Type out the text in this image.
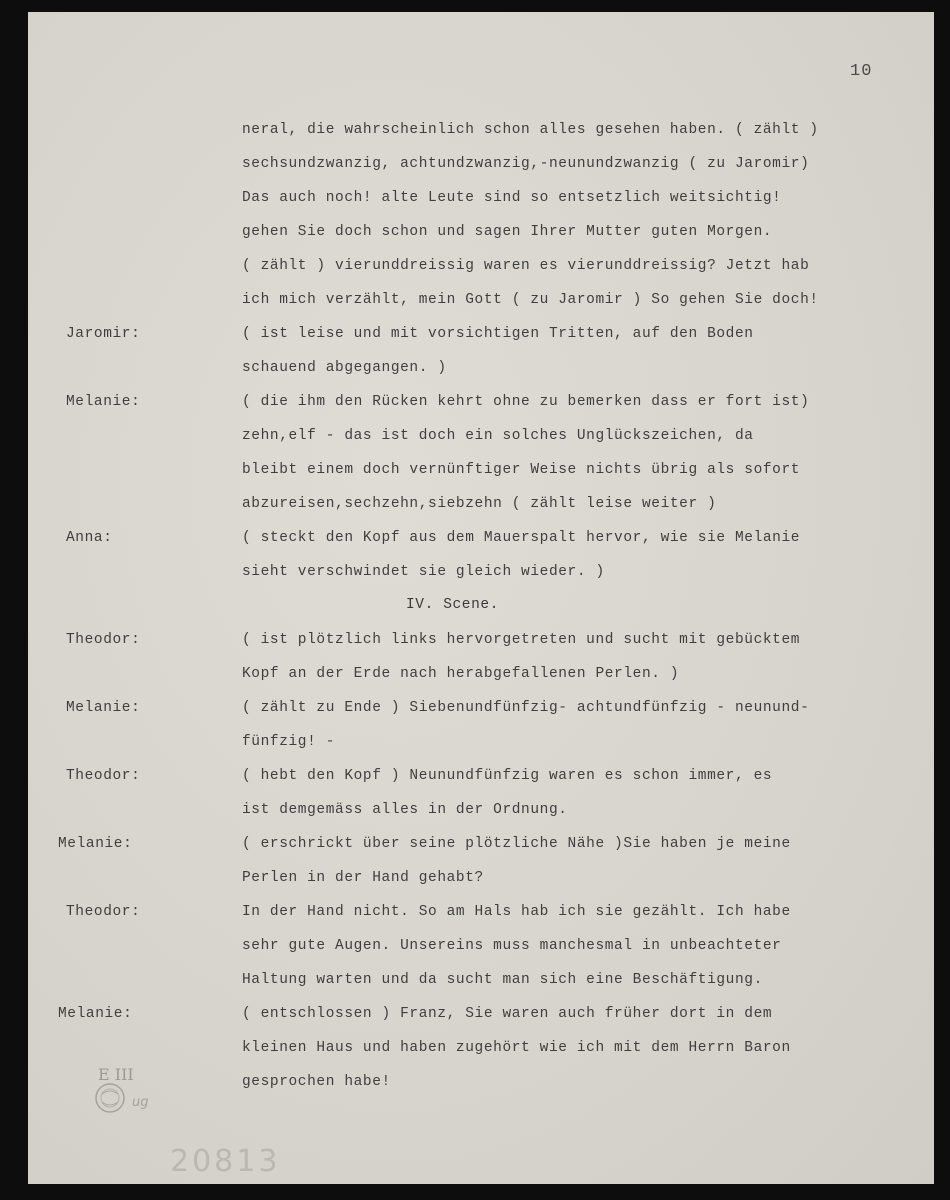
10
neral, die wahrscheinlich schon alles gesehen haben. ( zählt )
sechsundzwanzig, achtundzwanzig,-neunundzwanzig ( zu Jaromir)
Das auch noch! alte Leute sind so entsetzlich weitsichtig!
gehen Sie doch schon und sagen Ihrer Mutter guten Morgen.
( zählt ) vierunddreissig waren es vierunddreissig? Jetzt hab
ich mich verzählt, mein Gott ( zu Jaromir ) So gehen Sie doch!
Jaromir:	( ist leise und mit vorsichtigen Tritten, auf den Boden
schauend abgegangen. )
Melanie:	( die ihm den Rücken kehrt ohne zu bemerken dass er fort ist)
zehn,elf - das ist doch ein solches Unglückszeichen, da
bleibt einem doch vernünftiger Weise nichts übrig als sofort
abzureisen,sechzehn,siebzehn ( zählt leise weiter )
Anna:	( steckt den Kopf aus dem Mauerspalt hervor, wie sie Melanie
sieht verschwindet sie gleich wieder. )
IV. Scene.
Theodor:	( ist plötzlich links hervorgetreten und sucht mit gebücktem
Kopf an der Erde nach herabgefallenen Perlen. )
Melanie:	( zählt zu Ende ) Siebenundfünfzig- achtundfünfzig - neunund-
fünfzig! -
Theodor:	( hebt den Kopf ) Neunundfünfzig waren es schon immer, es
ist demgemäss alles in der Ordnung.
Melanie:	( erschrickt über seine plötzliche Nähe )Sie haben je meine
Perlen in der Hand gehabt?
Theodor:	In der Hand nicht. So am Hals hab ich sie gezählt. Ich habe
sehr gute Augen. Unsereins muss manchesmal in unbeachteter
Haltung warten und da sucht man sich eine Beschäftigung.
Melanie:	( entschlossen ) Franz, Sie waren auch früher dort in dem
kleinen Haus und haben zugehört wie ich mit dem Herrn Baron
gesprochen habe!
E III
ug
20813
